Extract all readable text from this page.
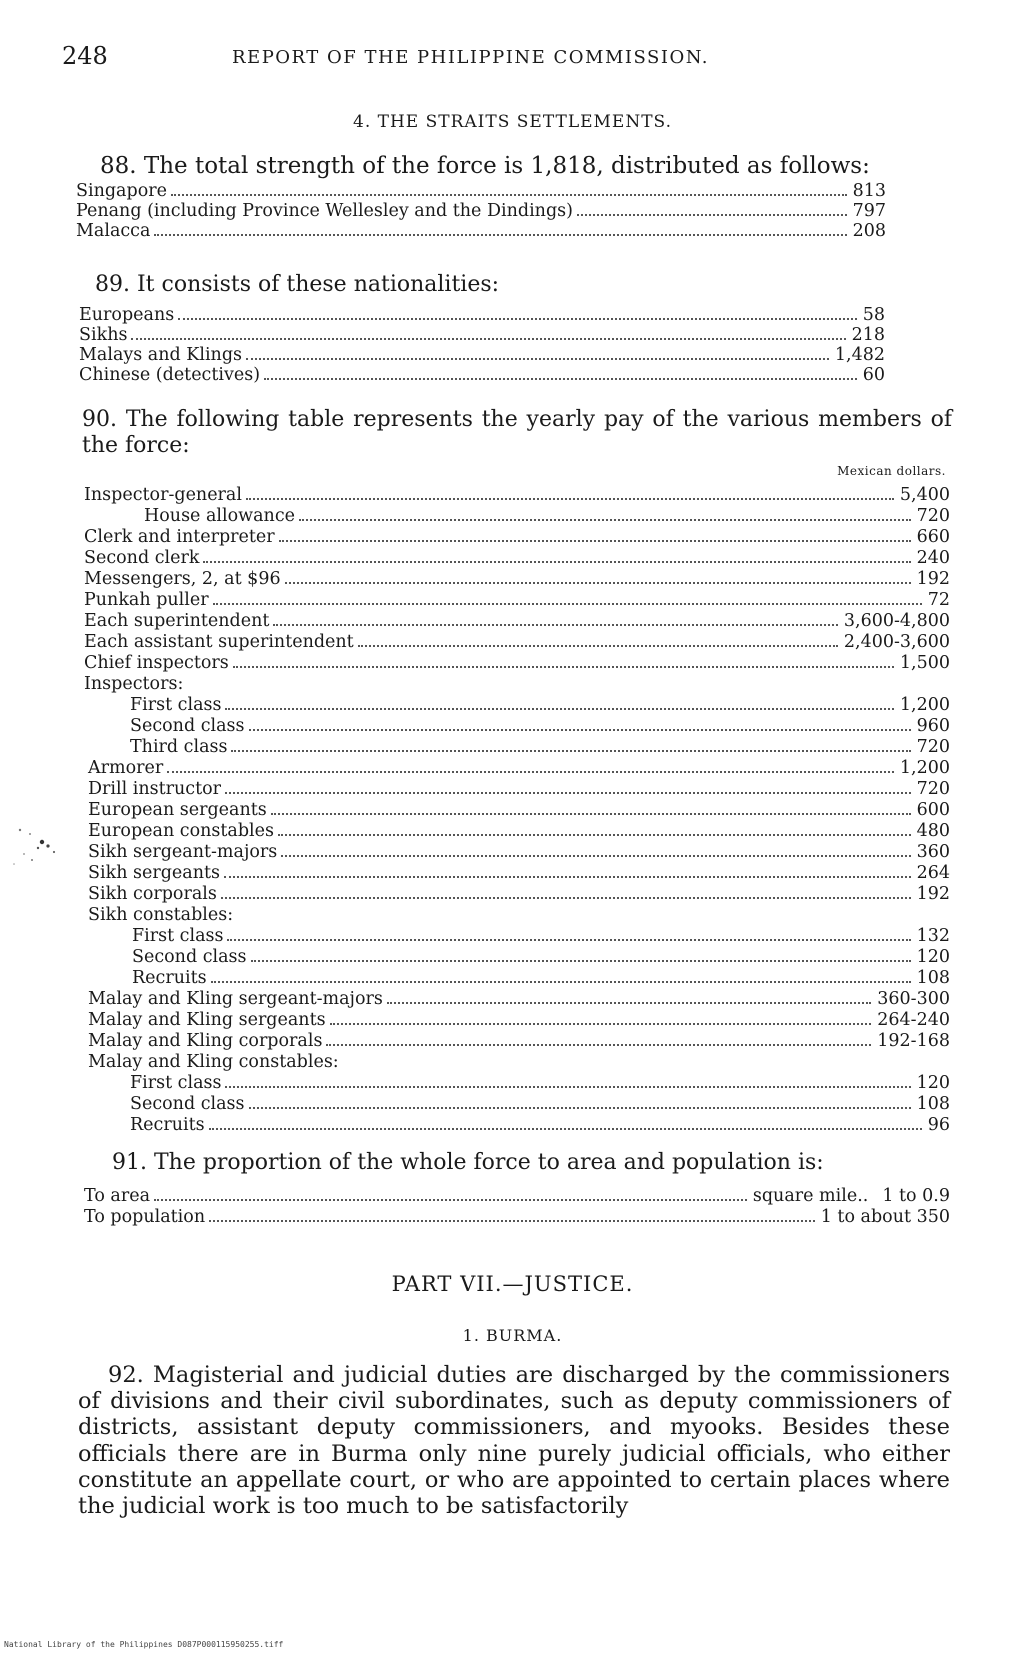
248	REPORT OF THE PHILIPPINE COMMISSION.
4. THE STRAITS SETTLEMENTS.
88. The total strength of the force is 1,818, distributed as follows:
Singapore	813
Penang (including Province Wellesley and the Dindings)	797
Malacca	208
89. It consists of these nationalities:
Europeans	58
Sikhs	218
Malays and Klings	1,482
Chinese (detectives)	60
90. The following table represents the yearly pay of the various members of the force:
Mexican dollars.
Inspector-general	5,400
House allowance	720
Clerk and interpreter	660
Second clerk	240
Messengers, 2, at $96	192
Punkah puller	72
Each superintendent	3,600-4,800
Each assistant superintendent	2,400-3,600
Chief inspectors	1,500
Inspectors:
First class	1,200
Second class	960
Third class	720
Armorer	1,200
Drill instructor	720
European sergeants	600
European constables	480
Sikh sergeant-majors	360
Sikh sergeants	264
Sikh corporals	192
Sikh constables:
First class	132
Second class	120
Recruits	108
Malay and Kling sergeant-majors	360-300
Malay and Kling sergeants	264-240
Malay and Kling corporals	192-168
Malay and Kling constables:
First class	120
Second class	108
Recruits	96
91. The proportion of the whole force to area and population is:
To area	square mile.. 1 to 0.9
To population	1 to about 350
PART VII.—JUSTICE.
1. BURMA.
92. Magisterial and judicial duties are discharged by the commissioners of divisions and their civil subordinates, such as deputy commissioners of districts, assistant deputy commissioners, and myooks. Besides these officials there are in Burma only nine purely judicial officials, who either constitute an appellate court, or who are appointed to certain places where the judicial work is too much to be satisfactorily
National Library of the Philippines D087P000115950255.tiff
